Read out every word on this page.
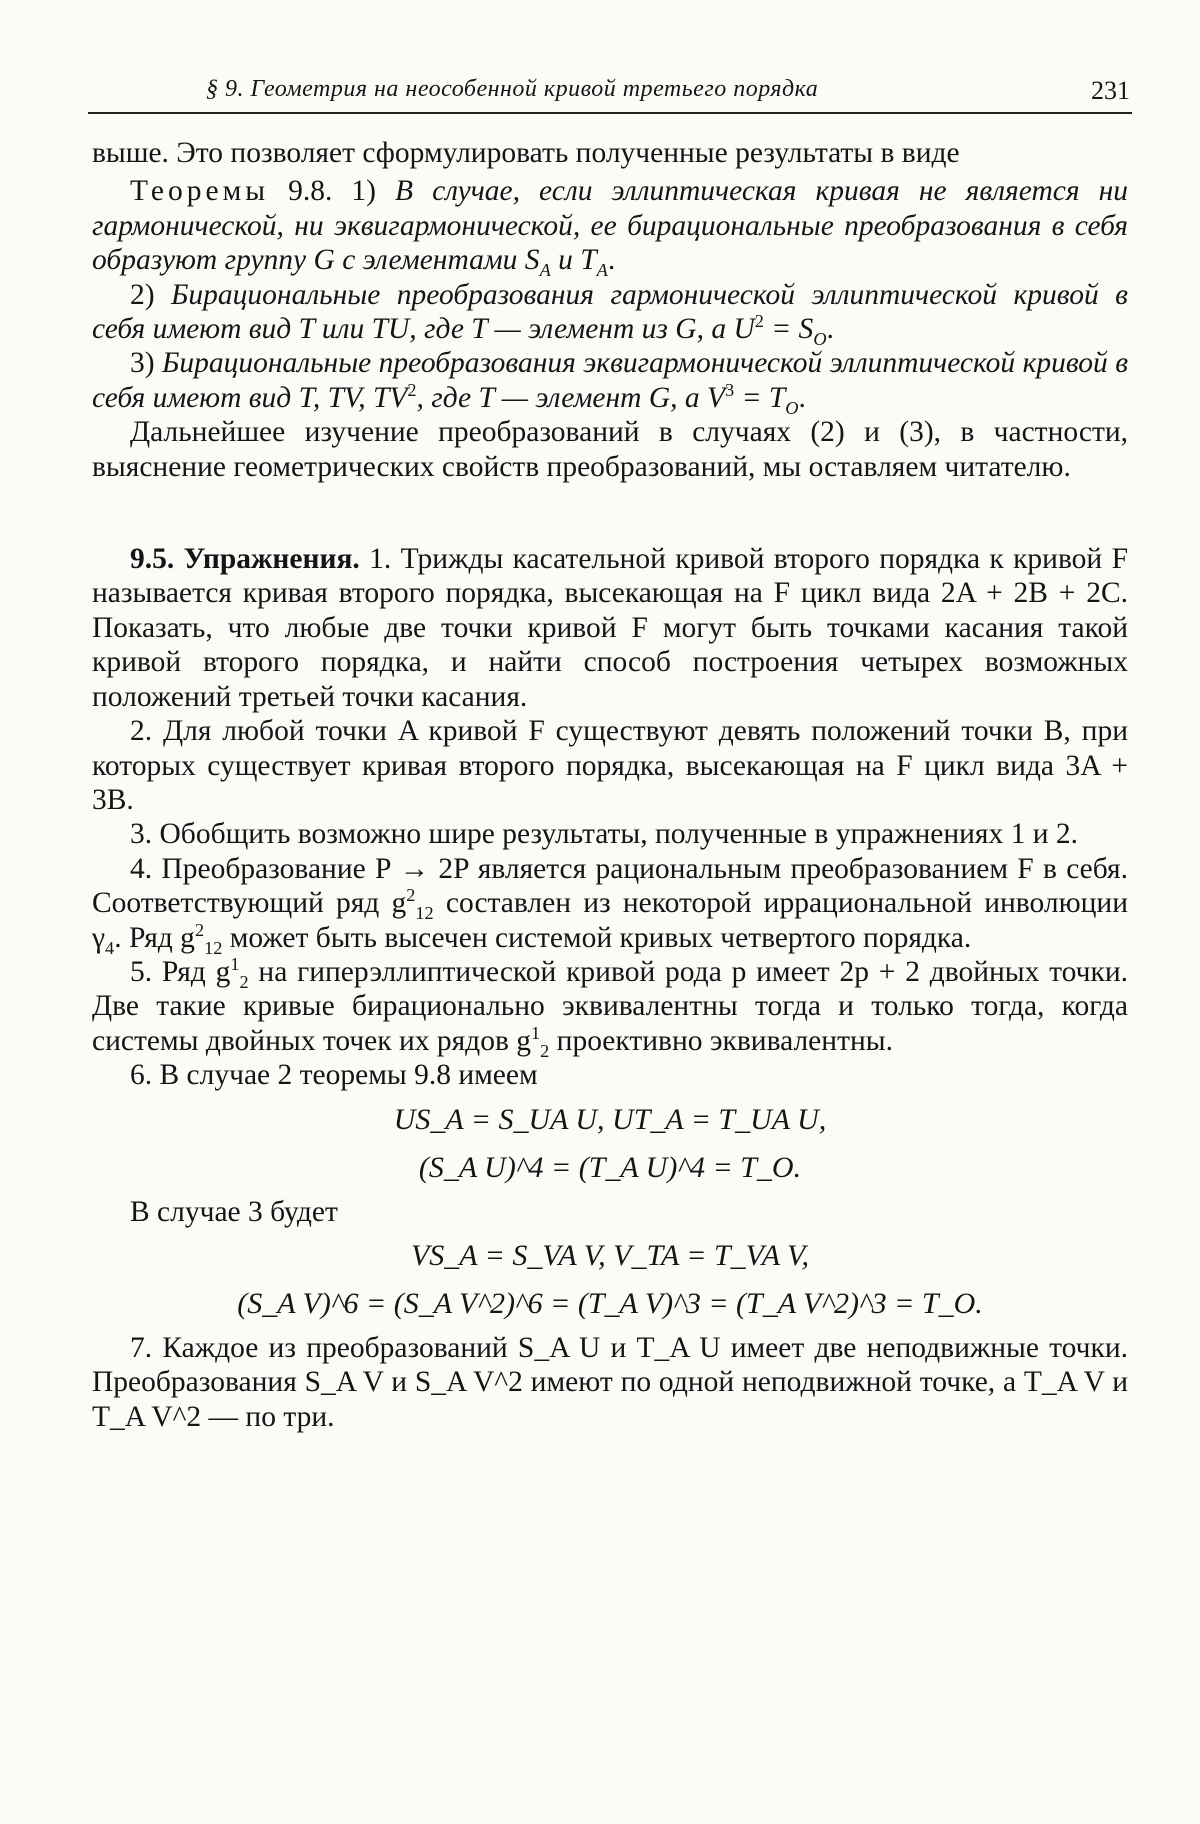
§ 9. Геометрия на неособенной кривой третьего порядка	231

выше. Это позволяет сформулировать полученные результаты в виде

Теоремы 9.8. 1) В случае, если эллиптическая кривая не является ни гармонической, ни эквигармонической, ее бирациональные преобразования в себя образуют группу G с элементами $S_A$ и $T_A$.

2) Бирациональные преобразования гармонической эллиптической кривой в себя имеют вид T или TU, где T — элемент из G, а $U^2 = S_O$.

3) Бирациональные преобразования эквигармонической эллиптической кривой в себя имеют вид T, TV, $TV^2$, где T — элемент G, а $V^3 = T_O$.

Дальнейшее изучение преобразований в случаях (2) и (3), в частности, выяснение геометрических свойств преобразований, мы оставляем читателю.

9.5. Упражнения. 1. Трижды касательной кривой второго порядка к кривой F называется кривая второго порядка, высекающая на F цикл вида 2A + 2B + 2C. Показать, что любые две точки кривой F могут быть точками касания такой кривой второго порядка, и найти способ построения четырех возможных положений третьей точки касания.

2. Для любой точки A кривой F существуют девять положений точки B, при которых существует кривая второго порядка, высекающая на F цикл вида 3A + 3B.

3. Обобщить возможно шире результаты, полученные в упражнениях 1 и 2.

4. Преобразование P → 2P является рациональным преобразованием F в себя. Соответствующий ряд $g^2_{12}$ составлен из некоторой иррациональной инволюции $\gamma_4$. Ряд $g^2_{12}$ может быть высечен системой кривых четвертого порядка.

5. Ряд $g^1_2$ на гиперэллиптической кривой рода p имеет 2p + 2 двойных точки. Две такие кривые бирационально эквивалентны тогда и только тогда, когда системы двойных точек их рядов $g^1_2$ проективно эквивалентны.

6. В случае 2 теоремы 9.8 имеем

US_A = S_UA U, UT_A = T_UA U,

(S_A U)^4 = (T_A U)^4 = T_O.

В случае 3 будет

VS_A = S_VA V, V_TA = T_VA V,

(S_A V)^6 = (S_A V^2)^6 = (T_A V)^3 = (T_A V^2)^3 = T_O.

7. Каждое из преобразований S_A U и T_A U имеет две неподвижные точки. Преобразования S_A V и S_A V^2 имеют по одной неподвижной точке, а T_A V и T_A V^2 — по три.
